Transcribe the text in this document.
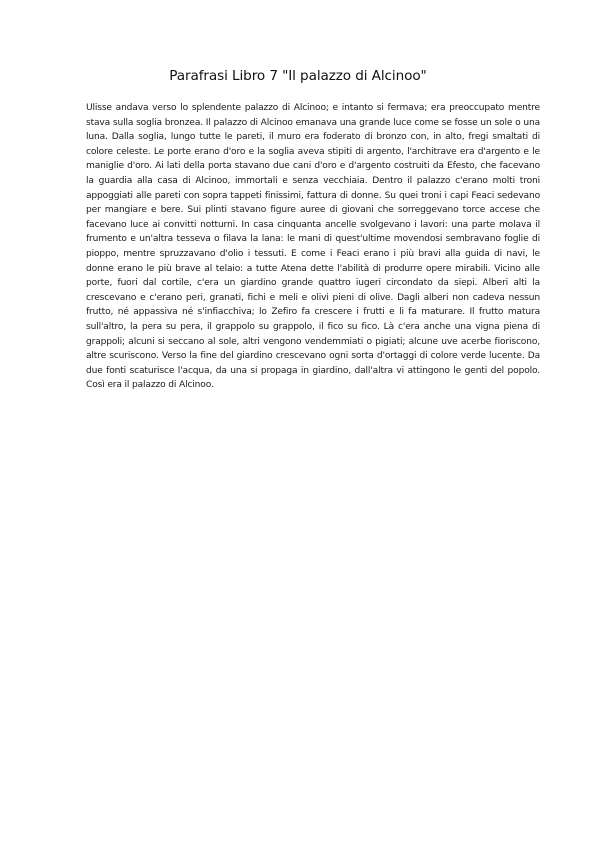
Parafrasi Libro 7 "Il palazzo di Alcinoo"

Ulisse andava verso lo splendente palazzo di Alcinoo; e intanto si fermava; era preoccupato mentre stava sulla soglia bronzea. Il palazzo di Alcinoo emanava una grande luce come se fosse un sole o una luna. Dalla soglia, lungo tutte le pareti, il muro era foderato di bronzo con, in alto, fregi smaltati di colore celeste. Le porte erano d'oro e la soglia aveva stipiti di argento, l'architrave era d'argento e le maniglie d'oro. Ai lati della porta stavano due cani d'oro e d'argento costruiti da Efesto, che facevano la guardia alla casa di Alcinoo, immortali e senza vecchiaia. Dentro il palazzo c'erano molti troni appoggiati alle pareti con sopra tappeti finissimi, fattura di donne. Su quei troni i capi Feaci sedevano per mangiare e bere. Sui plinti stavano figure auree di giovani che sorreggevano torce accese che facevano luce ai convitti notturni. In casa cinquanta ancelle svolgevano i lavori: una parte molava il frumento e un'altra tesseva o filava la lana: le mani di quest'ultime movendosi sembravano foglie di pioppo, mentre spruzzavano d'olio i tessuti. E come i Feaci erano i più bravi alla guida di navi, le donne erano le più brave al telaio: a tutte Atena dette l'abilità di produrre opere mirabili. Vicino alle porte, fuori dal cortile, c'era un giardino grande quattro iugeri circondato da siepi. Alberi alti la crescevano e c'erano peri, granati, fichi e meli e olivi pieni di olive. Dagli alberi non cadeva nessun frutto, né appassiva né s'infiacchiva; lo Zefiro fa crescere i frutti e li fa maturare. Il frutto matura sull'altro, la pera su pera, il grappolo su grappolo, il fico su fico. Là c'era anche una vigna piena di grappoli; alcuni si seccano al sole, altri vengono vendemmiati o pigiati; alcune uve acerbe fioriscono, altre scuriscono. Verso la fine del giardino crescevano ogni sorta d'ortaggi di colore verde lucente. Da due fonti scaturisce l'acqua, da una si propaga in giardino, dall'altra vi attingono le genti del popolo. Così era il palazzo di Alcinoo.
